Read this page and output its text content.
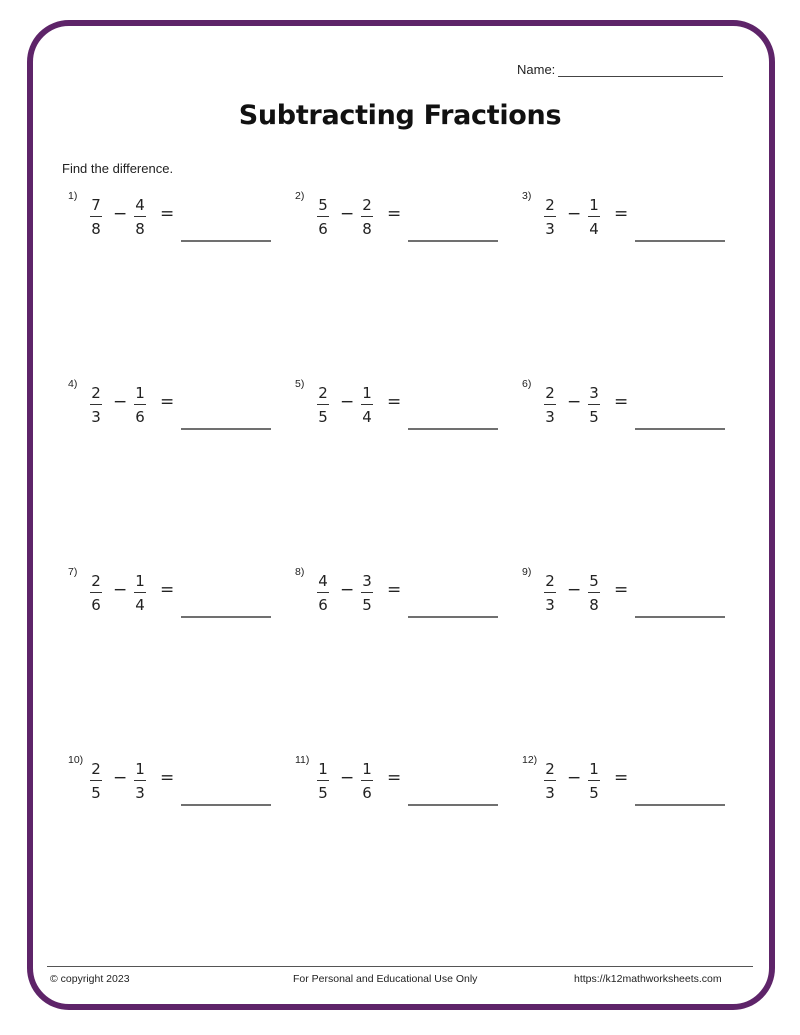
Name:
Subtracting Fractions
Find the difference.
1) 7
8
− 4
8
=
2) 5
6
− 2
8
=
3) 2
3
− 1
4
=
4) 2
3
− 1
6
=
5) 2
5
− 1
4
=
6) 2
3
− 3
5
=
7) 2
6
− 1
4
=
8) 4
6
− 3
5
=
9) 2
3
− 5
8
=
10) 2
5
− 1
3
=
11) 1
5
− 1
6
=
12) 2
3
− 1
5
=
© copyright 2023	For Personal and Educational Use Only	https://k12mathworksheets.com
